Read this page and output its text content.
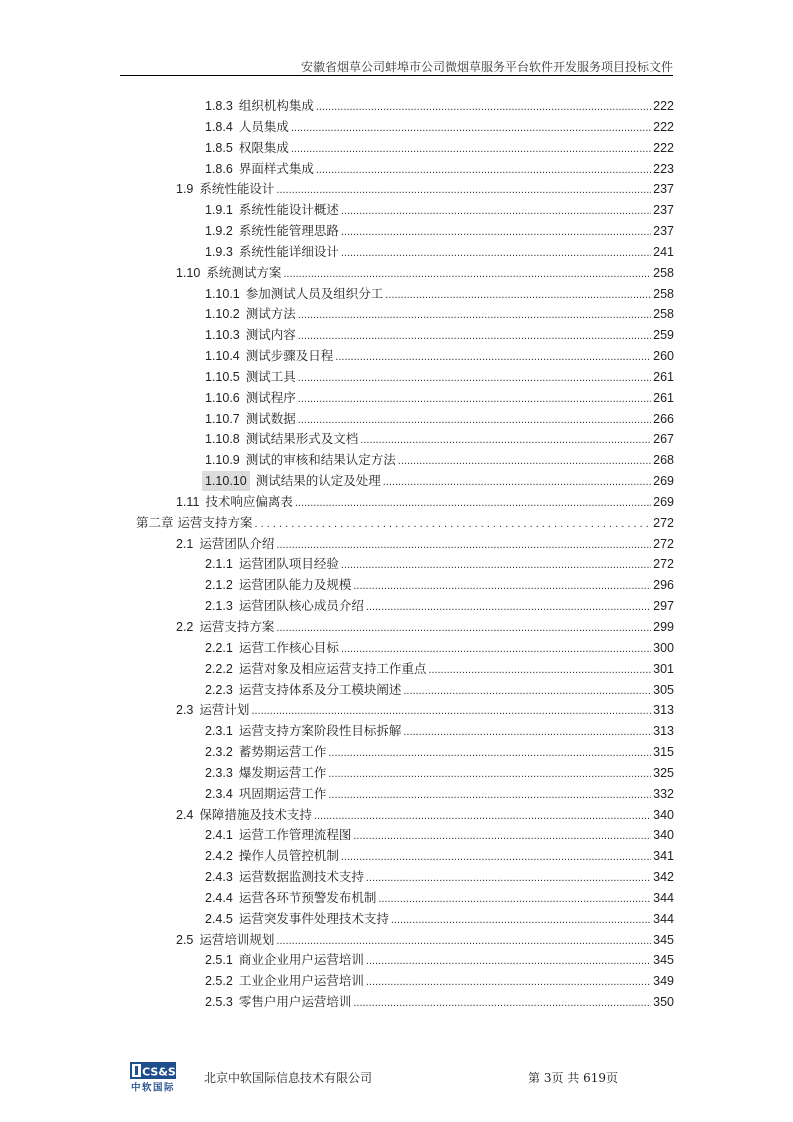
安徽省烟草公司蚌埠市公司微烟草服务平台软件开发服务项目投标文件
1.8.3 组织机构集成 .....	222
1.8.4 人员集成 .....	222
1.8.5 权限集成 .....	222
1.8.6 界面样式集成 .....	223
1.9 系统性能设计 .....	237
1.9.1 系统性能设计概述 .....	237
1.9.2 系统性能管理思路 .....	237
1.9.3 系统性能详细设计 .....	241
1.10 系统测试方案 .....	258
1.10.1 参加测试人员及组织分工 .....	258
1.10.2 测试方法 .....	258
1.10.3 测试内容 .....	259
1.10.4 测试步骤及日程 .....	260
1.10.5 测试工具 .....	261
1.10.6 测试程序 .....	261
1.10.7 测试数据 .....	266
1.10.8 测试结果形式及文档 .....	267
1.10.9 测试的审核和结果认定方法 .....	268
1.10.10 测试结果的认定及处理 .....	269
1.11 技术响应偏离表 .....	269
第二章 运营支持方案 . . .	272
2.1 运营团队介绍 .....	272
2.1.1 运营团队项目经验 .....	272
2.1.2 运营团队能力及规模 .....	296
2.1.3 运营团队核心成员介绍 .....	297
2.2 运营支持方案 .....	299
2.2.1 运营工作核心目标 .....	300
2.2.2 运营对象及相应运营支持工作重点 .....	301
2.2.3 运营支持体系及分工模块阐述 .....	305
2.3 运营计划 .....	313
2.3.1 运营支持方案阶段性目标拆解 .....	313
2.3.2 蓄势期运营工作 .....	315
2.3.3 爆发期运营工作 .....	325
2.3.4 巩固期运营工作 .....	332
2.4 保障措施及技术支持 .....	340
2.4.1 运营工作管理流程图 .....	340
2.4.2 操作人员管控机制 .....	341
2.4.3 运营数据监测技术支持 .....	342
2.4.4 运营各环节预警发布机制 .....	344
2.4.5 运营突发事件处理技术支持 .....	344
2.5 运营培训规划 .....	345
2.5.1 商业企业用户运营培训 .....	345
2.5.2 工业企业用户运营培训 .....	349
2.5.3 零售户用户运营培训 .....	350
CS&S
中软国际
北京中软国际信息技术有限公司	第 3页 共 619页
